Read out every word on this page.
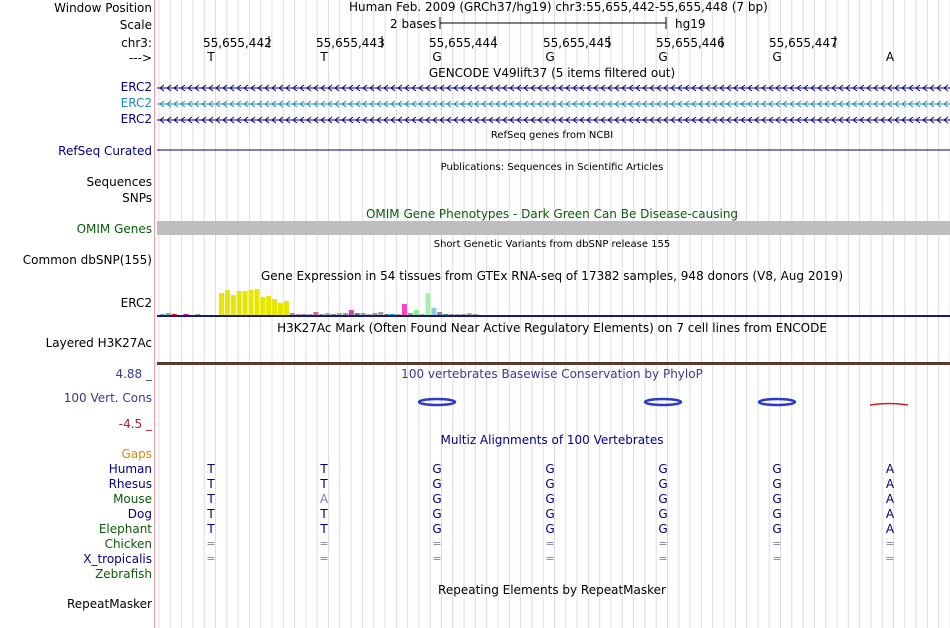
Window Position	Human Feb. 2009 (GRCh37/hg19) chr3:55,655,442-55,655,448 (7 bp)
Scale	2 bases	hg19
chr3:
--->
55,655,442	55,655,443	55,655,444	55,655,445	55,655,446	55,655,447
T	T	G	G	G	G	A
GENCODE V49lift37 (5 items filtered out)
ERC2
ERC2
ERC2
RefSeq genes from NCBI
RefSeq Curated
Publications: Sequences in Scientific Articles
Sequences
SNPs
OMIM Gene Phenotypes - Dark Green Can Be Disease-causing
OMIM Genes
Short Genetic Variants from dbSNP release 155
Common dbSNP(155)
Gene Expression in 54 tissues from GTEx RNA-seq of 17382 samples, 948 donors (V8, Aug 2019)
ERC2
H3K27Ac Mark (Often Found Near Active Regulatory Elements) on 7 cell lines from ENCODE
Layered H3K27Ac
100 vertebrates Basewise Conservation by PhyloP
4.88 _
100 Vert. Cons
-4.5 _
Multiz Alignments of 100 Vertebrates
Gaps
Human	T	T	G	G	G	G	A
Rhesus	T	T	G	G	G	G	A
Mouse	T	A	G	G	G	G	A
Dog	T	T	G	G	G	G	A
Elephant	T	T	G	G	G	G	A
Chicken	=	=	=	=	=	=	=
X_tropicalis	=	=	=	=	=	=	=
Zebrafish
Repeating Elements by RepeatMasker
RepeatMasker
